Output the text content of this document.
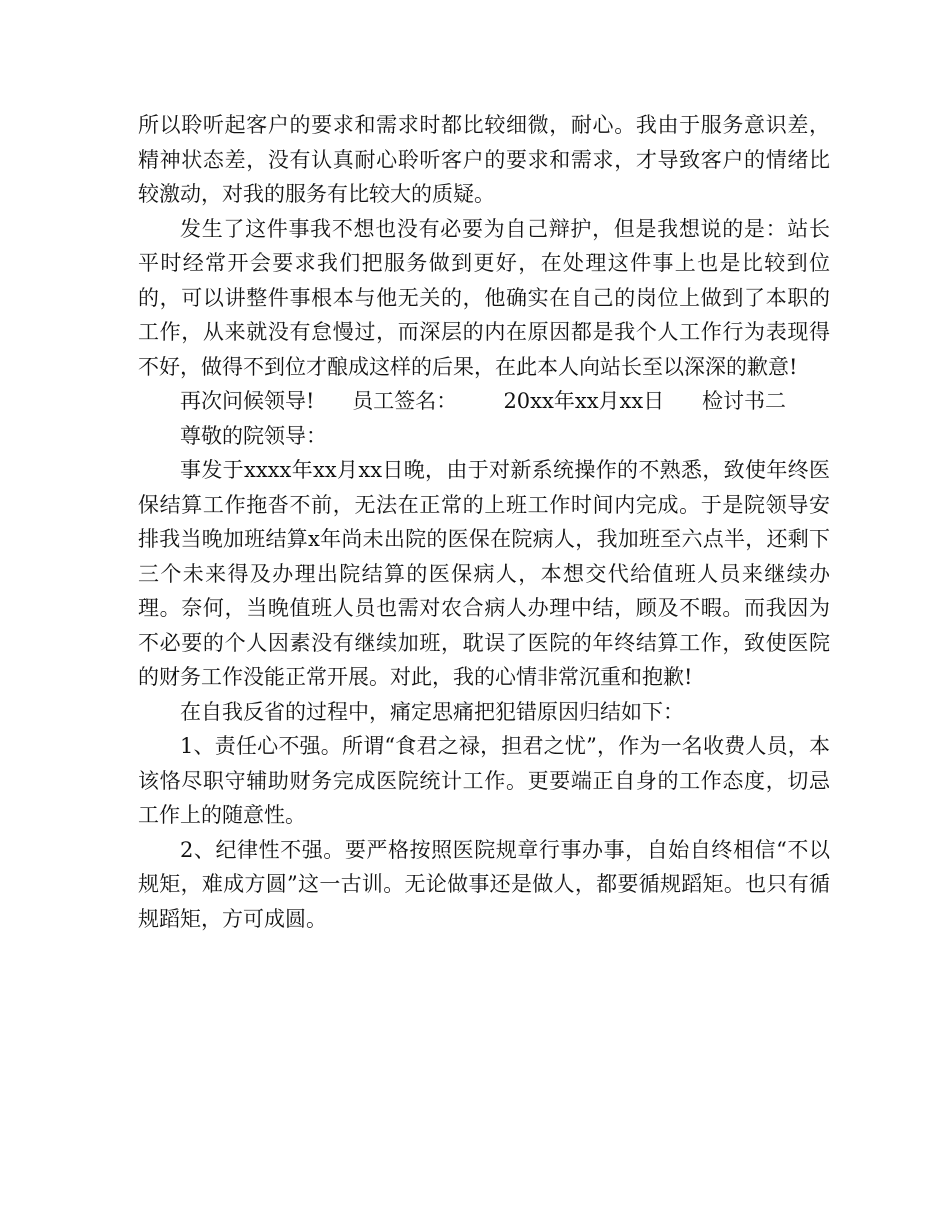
所以聆听起客户的要求和需求时都比较细微，耐心。我由于服务意识差，精神状态差，没有认真耐心聆听客户的要求和需求，才导致客户的情绪比较激动，对我的服务有比较大的质疑。

发生了这件事我不想也没有必要为自己辩护，但是我想说的是：站长平时经常开会要求我们把服务做到更好，在处理这件事上也是比较到位的，可以讲整件事根本与他无关的，他确实在自己的岗位上做到了本职的工作，从来就没有怠慢过，而深层的内在原因都是我个人工作行为表现得不好，做得不到位才酿成这样的后果，在此本人向站长至以深深的歉意!

再次问候领导! 员工签名： 20xx年xx月xx日 检讨书二

尊敬的院领导：

事发于xxxx年xx月xx日晚，由于对新系统操作的不熟悉，致使年终医保结算工作拖沓不前，无法在正常的上班工作时间内完成。于是院领导安排我当晚加班结算x年尚未出院的医保在院病人，我加班至六点半，还剩下三个未来得及办理出院结算的医保病人，本想交代给值班人员来继续办理。奈何，当晚值班人员也需对农合病人办理中结，顾及不暇。而我因为不必要的个人因素没有继续加班，耽误了医院的年终结算工作，致使医院的财务工作没能正常开展。对此，我的心情非常沉重和抱歉!

在自我反省的过程中，痛定思痛把犯错原因归结如下：

1、责任心不强。所谓“食君之禄，担君之忧”，作为一名收费人员，本该恪尽职守辅助财务完成医院统计工作。更要端正自身的工作态度，切忌工作上的随意性。

2、纪律性不强。要严格按照医院规章行事办事，自始自终相信“不以规矩，难成方圆”这一古训。无论做事还是做人，都要循规蹈矩。也只有循规蹈矩，方可成圆。
